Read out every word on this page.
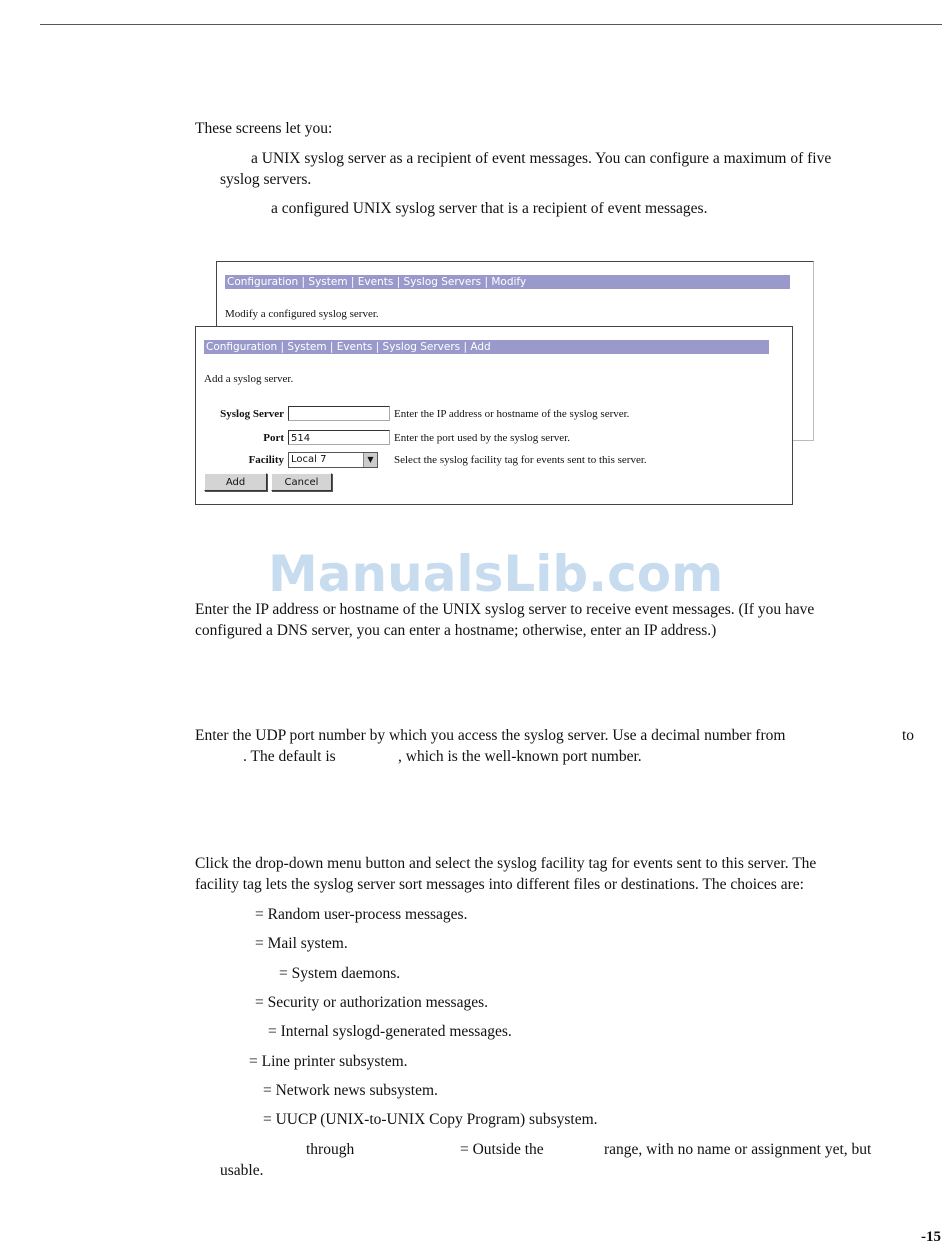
These screens let you:
a UNIX syslog server as a recipient of event messages. You can configure a maximum of five
syslog servers.
a configured UNIX syslog server that is a recipient of event messages.
Configuration | System | Events | Syslog Servers | Modify
Modify a configured syslog server.
Configuration | System | Events | Syslog Servers | Add
Add a syslog server.
Syslog Server	Enter the IP address or hostname of the syslog server.
Port 514	Enter the port used by the syslog server.
Facility Local 7	▼	Select the syslog facility tag for events sent to this server.
Add	Cancel
ManualsLib.com
Enter the IP address or hostname of the UNIX syslog server to receive event messages. (If you have
configured a DNS server, you can enter a hostname; otherwise, enter an IP address.)
Enter the UDP port number by which you access the syslog server. Use a decimal number from	to
. The default is	, which is the well-known port number.
Click the drop-down menu button and select the syslog facility tag for events sent to this server. The
facility tag lets the syslog server sort messages into different files or destinations. The choices are:
= Random user-process messages.
= Mail system.
= System daemons.
= Security or authorization messages.
= Internal syslogd-generated messages.
= Line printer subsystem.
= Network news subsystem.
= UUCP (UNIX-to-UNIX Copy Program) subsystem.
through	= Outside the	range, with no name or assignment yet, but
usable.
-15
